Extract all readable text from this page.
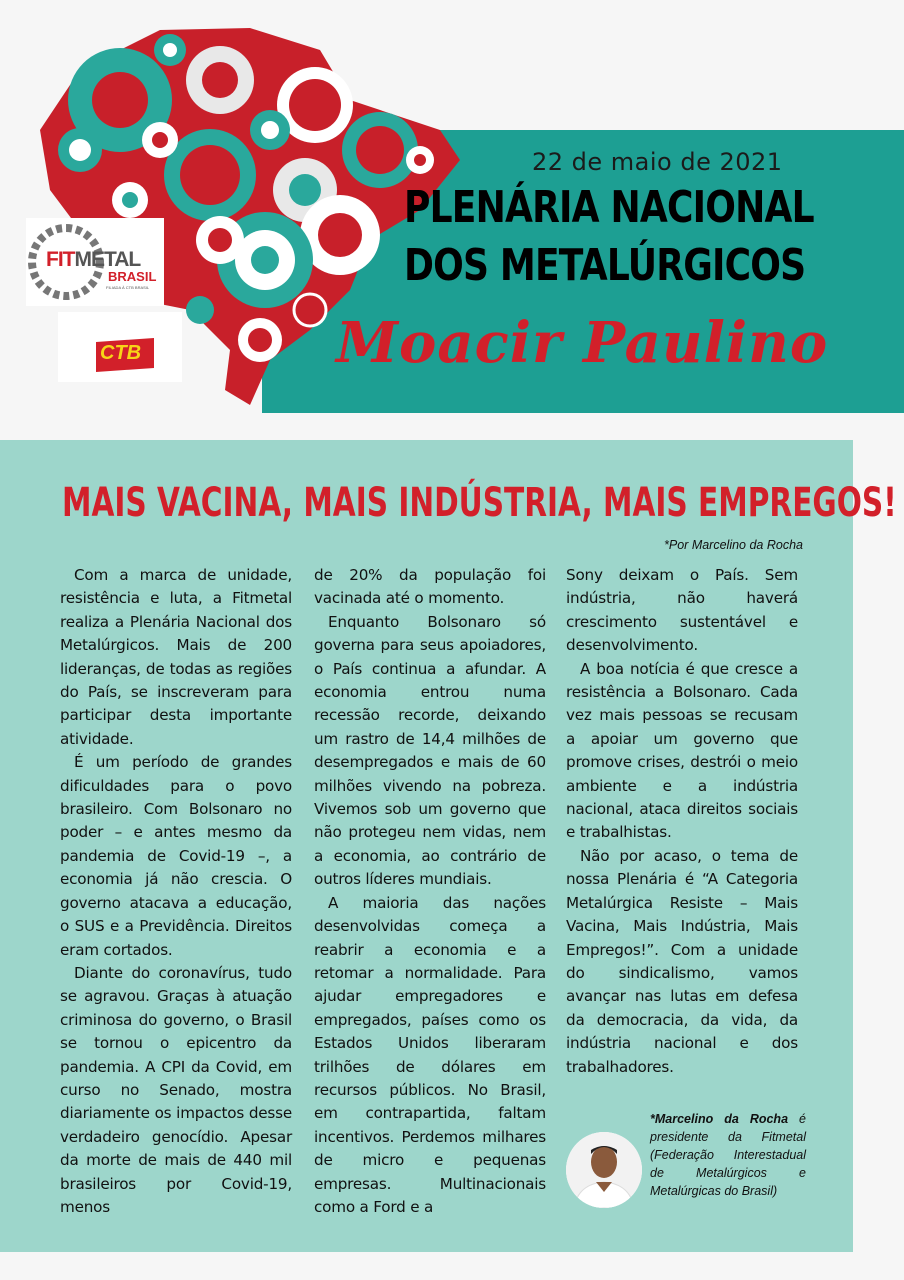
22 de maio de 2021
PLENÁRIA NACIONAL
DOS METALÚRGICOS
Moacir Paulino
FITMETAL
BRASIL
FILIADA À CTB BRASIL
CTB
MAIS VACINA, MAIS INDÚSTRIA, MAIS EMPREGOS!
*Por Marcelino da Rocha

Com a marca de unidade, resistência e luta, a Fitmetal realiza a Plenária Nacional dos Metalúrgicos. Mais de 200 lideranças, de todas as regiões do País, se inscreveram para participar desta importante atividade.

É um período de grandes dificuldades para o povo brasileiro. Com Bolsonaro no poder – e antes mesmo da pandemia de Covid-19 –, a economia já não crescia. O governo atacava a educação, o SUS e a Previdência. Direitos eram cortados.

Diante do coronavírus, tudo se agravou. Graças à atuação criminosa do governo, o Brasil se tornou o epicentro da pandemia. A CPI da Covid, em curso no Senado, mostra diariamente os impactos desse verdadeiro genocídio. Apesar da morte de mais de 440 mil brasileiros por Covid-19, menos

de 20% da população foi vacinada até o momento.

Enquanto Bolsonaro só governa para seus apoiadores, o País continua a afundar. A economia entrou numa recessão recorde, deixando um rastro de 14,4 milhões de desempregados e mais de 60 milhões vivendo na pobreza. Vivemos sob um governo que não protegeu nem vidas, nem a economia, ao contrário de outros líderes mundiais.

A maioria das nações desenvolvidas começa a reabrir a economia e a retomar a normalidade. Para ajudar empregadores e empregados, países como os Estados Unidos liberaram trilhões de dólares em recursos públicos. No Brasil, em contrapartida, faltam incentivos. Perdemos milhares de micro e pequenas empresas. Multinacionais como a Ford e a

Sony deixam o País. Sem indústria, não haverá crescimento sustentável e desenvolvimento.

A boa notícia é que cresce a resistência a Bolsonaro. Cada vez mais pessoas se recusam a apoiar um governo que promove crises, destrói o meio ambiente e a indústria nacional, ataca direitos sociais e trabalhistas.

Não por acaso, o tema de nossa Plenária é “A Categoria Metalúrgica Resiste – Mais Vacina, Mais Indústria, Mais Empregos!”. Com a unidade do sindicalismo, vamos avançar nas lutas em defesa da democracia, da vida, da indústria nacional e dos trabalhadores.

*Marcelino da Rocha é presidente da Fitmetal (Federação Interestadual de Metalúrgicos e Metalúrgicas do Brasil)
